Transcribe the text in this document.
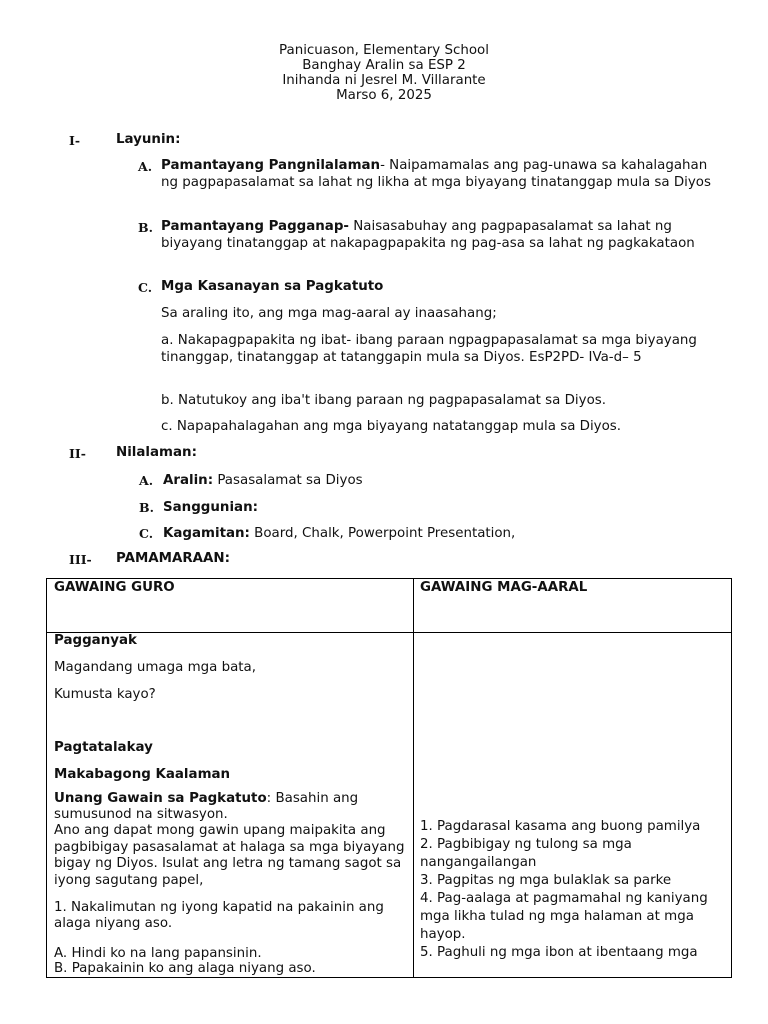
Panicuason, Elementary School
Banghay Aralin sa ESP 2
Inihanda ni Jesrel M. Villarante
Marso 6, 2025
I-	Layunin:
A. Pamantayang Pangnilalaman- Naipamamalas ang pag-unawa sa kahalagahan ng pagpapasalamat sa lahat ng likha at mga biyayang tinatanggap mula sa Diyos
B. Pamantayang Pagganap- Naisasabuhay ang pagpapasalamat sa lahat ng biyayang tinatanggap at nakapagpapakita ng pag-asa sa lahat ng pagkakataon
C. Mga Kasanayan sa Pagkatuto
Sa araling ito, ang mga mag-aaral ay inaasahang;
a. Nakapagpapakita ng ibat- ibang paraan ngpagpapasalamat sa mga biyayang tinanggap, tinatanggap at tatanggapin mula sa Diyos. EsP2PD- IVa-d– 5
b. Natutukoy ang iba't ibang paraan ng pagpapasalamat sa Diyos.
c. Napapahalagahan ang mga biyayang natatanggap mula sa Diyos.
II- Nilalaman:
A. Aralin: Pasasalamat sa Diyos
B. Sanggunian:
C. Kagamitan: Board, Chalk, Powerpoint Presentation,
III- PAMAMARAAN:
GAWAING GURO	GAWAING MAG-AARAL
Pagganyak
Magandang umaga mga bata,
Kumusta kayo?
Pagtatalakay
Makabagong Kaalaman
Unang Gawain sa Pagkatuto: Basahin ang sumusunod na sitwasyon.
Ano ang dapat mong gawin upang maipakita ang pagbibigay pasasalamat at halaga sa mga biyayang bigay ng Diyos. Isulat ang letra ng tamang sagot sa iyong sagutang papel,
1. Nakalimutan ng iyong kapatid na pakainin ang alaga niyang aso.
A. Hindi ko na lang papansinin.
B. Papakainin ko ang alaga niyang aso.
1. Pagdarasal kasama ang buong pamilya
2. Pagbibigay ng tulong sa mga nangangailangan
3. Pagpitas ng mga bulaklak sa parke
4. Pag-aalaga at pagmamahal ng kaniyang mga likha tulad ng mga halaman at mga hayop.
5. Paghuli ng mga ibon at ibentaang mga
